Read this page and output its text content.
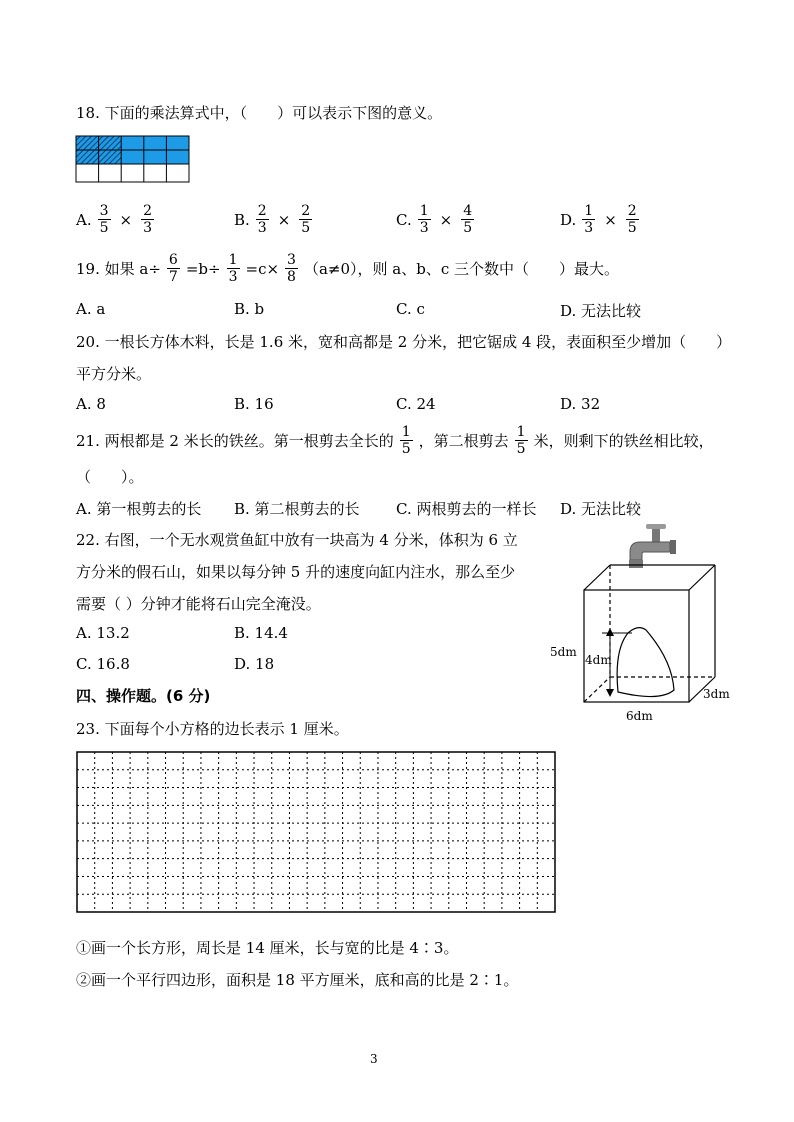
18. 下面的乘法算式中，（　　）可以表示下图的意义。
A. $\frac{3}{5} \times \frac{2}{3}$	B. $\frac{2}{3} \times \frac{2}{5}$	C. $\frac{1}{3} \times \frac{4}{5}$	D. $\frac{1}{3} \times \frac{2}{5}$
19. 如果 $a\div \frac{6}{7} =b\div \frac{1}{3} =c\times \frac{3}{8} (a\ne 0)$，则 a、b、c 三个数中（　　）最大。
A. a	B. b	C. c	D. 无法比较
20. 一根长方体木料，长是 1.6 米，宽和高都是 2 分米，把它锯成 4 段，表面积至少增加（　　）
平方分米。
A. 8	B. 16	C. 24	D. 32
21. 两根都是 2 米长的铁丝。第一根剪去全长的 $\frac{1}{5}$ ，第二根剪去 $\frac{1}{5}$ 米，则剩下的铁丝相比较，
（　　）。
A. 第一根剪去的长 B. 第二根剪去的长 C. 两根剪去的一样长 D. 无法比较
22. 右图，一个无水观赏鱼缸中放有一块高为 4 分米，体积为 6 立
方分米的假石山，如果以每分钟 5 升的速度向缸内注水，那么至少
需要（ ）分钟才能将石山完全淹没。
A. 13.2	B. 14.4
C. 16.8	D. 18	4dm
5dm
3dm
6dm
四、操作题。(6 分)
23. 下面每个小方格的边长表示 1 厘米。
①画一个长方形，周长是 14 厘米，长与宽的比是 4∶3。
②画一个平行四边形，面积是 18 平方厘米，底和高的比是 2∶1。
3
